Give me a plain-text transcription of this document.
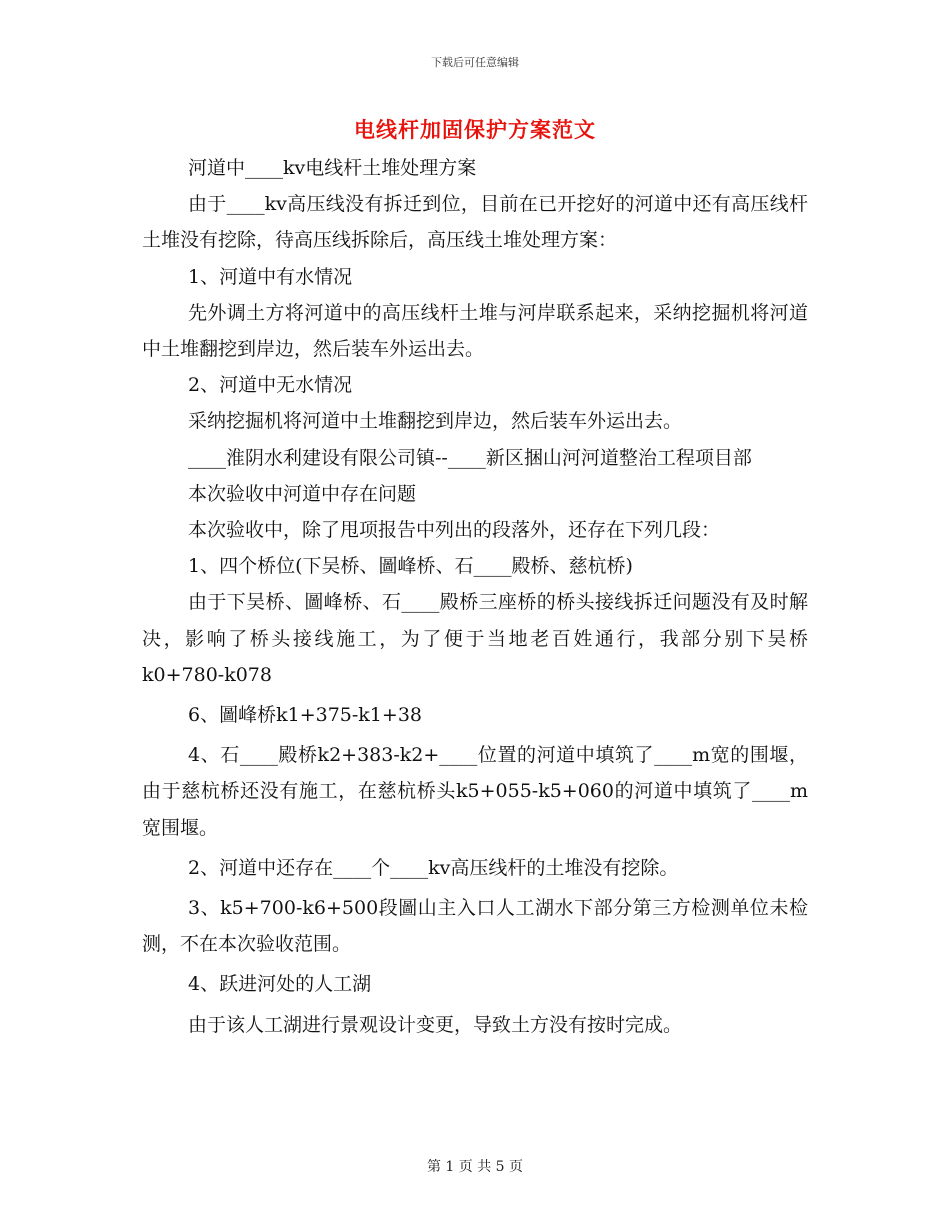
下载后可任意编辑
电线杆加固保护方案范文

河道中____kv电线杆土堆处理方案

由于____kv高压线没有拆迁到位，目前在已开挖好的河道中还有高压线杆土堆没有挖除，待高压线拆除后，高压线土堆处理方案：

1、河道中有水情况

先外调土方将河道中的高压线杆土堆与河岸联系起来，采纳挖掘机将河道中土堆翻挖到岸边，然后装车外运出去。

2、河道中无水情况

采纳挖掘机将河道中土堆翻挖到岸边，然后装车外运出去。

____淮阴水利建设有限公司镇--____新区捆山河河道整治工程项目部

本次验收中河道中存在问题

本次验收中，除了甩项报告中列出的段落外，还存在下列几段：

1、四个桥位(下吴桥、圖峰桥、石____殿桥、慈杭桥)

由于下吴桥、圖峰桥、石____殿桥三座桥的桥头接线拆迁问题没有及时解决，影响了桥头接线施工，为了便于当地老百姓通行，我部分别下吴桥k0+780-k078

6、圖峰桥k1+375-k1+38

4、石____殿桥k2+383-k2+____位置的河道中填筑了____m宽的围堰，由于慈杭桥还没有施工，在慈杭桥头k5+055-k5+060的河道中填筑了____m宽围堰。

2、河道中还存在____个____kv高压线杆的土堆没有挖除。

3、k5+700-k6+500段圖山主入口人工湖水下部分第三方检测单位未检测，不在本次验收范围。

4、跃进河处的人工湖

由于该人工湖进行景观设计变更，导致土方没有按时完成。

第 1 页 共 5 页
